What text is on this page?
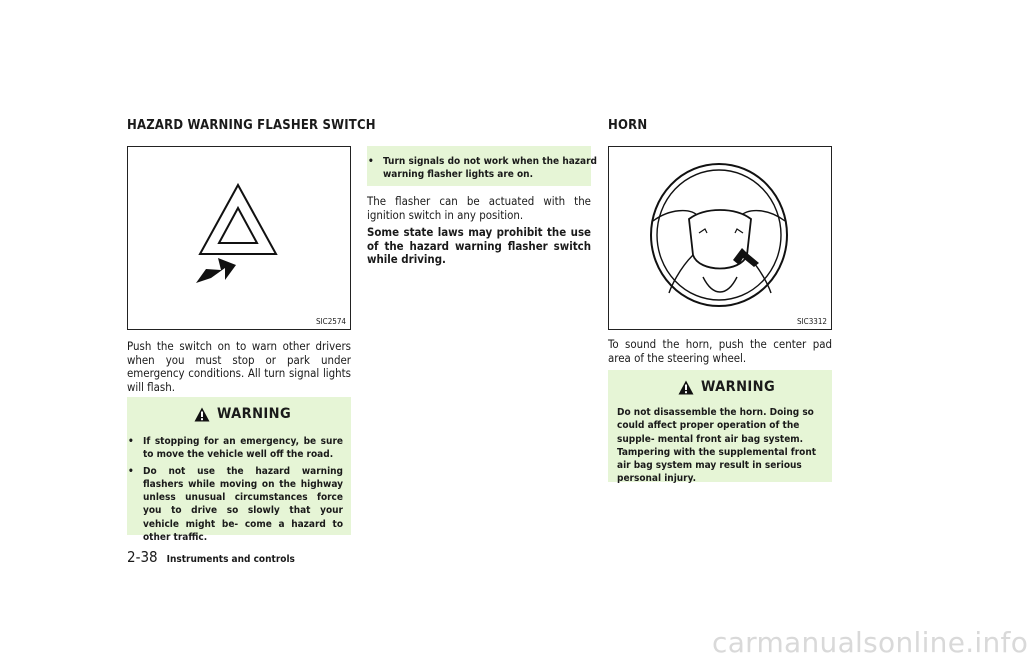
HAZARD WARNING FLASHER SWITCH
SIC2574

Push the switch on to warn other drivers when you must stop or park under emergency conditions. All turn signal lights will flash.

WARNING
• If stopping for an emergency, be sure to move the vehicle well off the road.
• Do not use the hazard warning flashers while moving on the highway unless unusual circumstances force you to drive so slowly that your vehicle might be- come a hazard to other traffic.
• Turn signals do not work when the hazard warning flasher lights are on.

The flasher can be actuated with the ignition switch in any position.

Some state laws may prohibit the use of the hazard warning flasher switch while driving.

HORN
SIC3312

To sound the horn, push the center pad area of the steering wheel.

WARNING
Do not disassemble the horn. Doing so could affect proper operation of the supple- mental front air bag system. Tampering with the supplemental front air bag system may result in serious personal injury.
2-38 Instruments and controls
carmanualsonline.info
